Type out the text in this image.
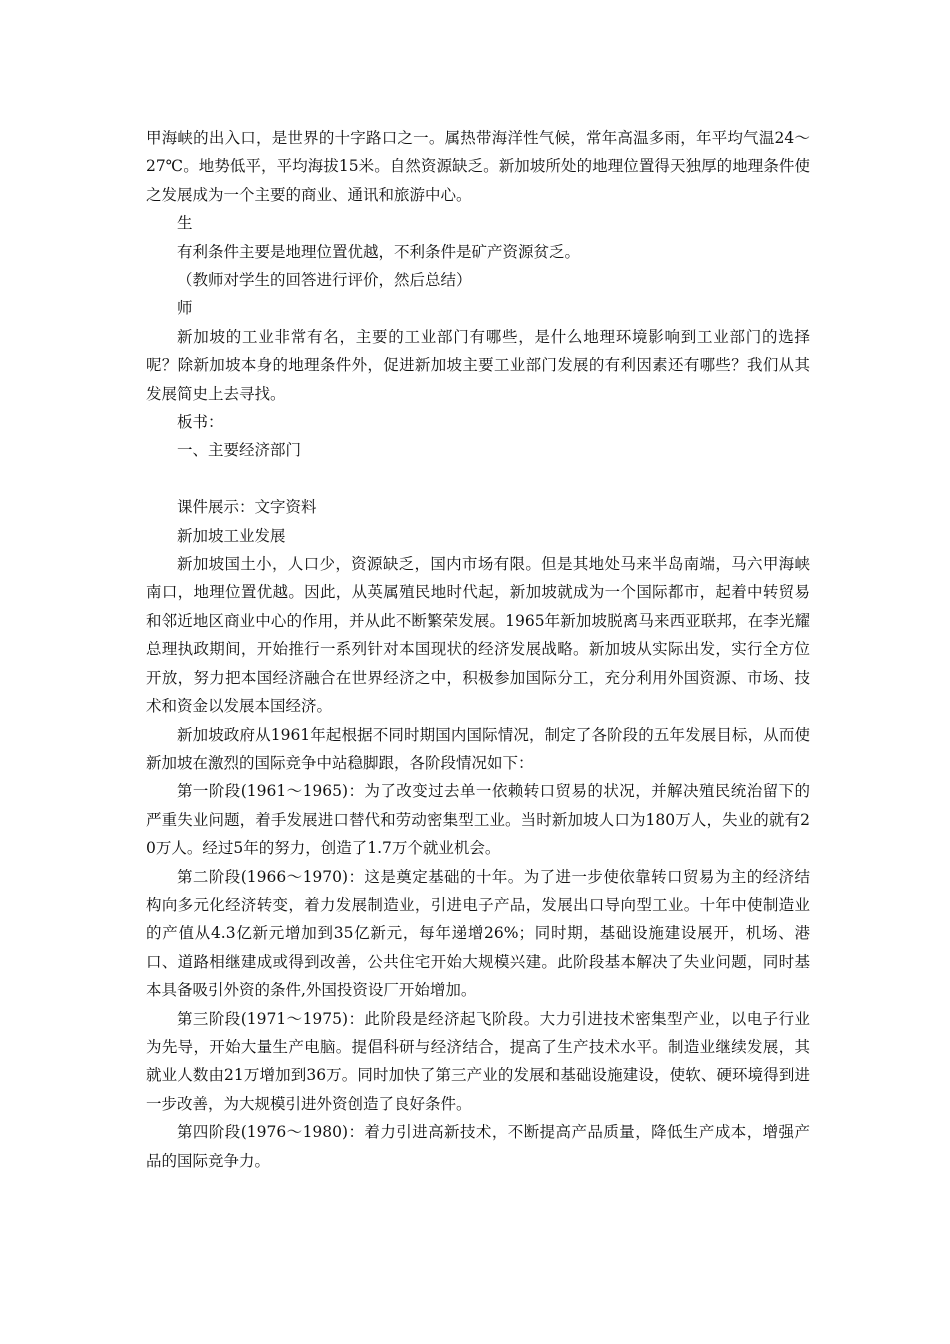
甲海峡的出入口，是世界的十字路口之一。属热带海洋性气候，常年高温多雨，年平均气温24～27℃。地势低平，平均海拔15米。自然资源缺乏。新加坡所处的地理位置得天独厚的地理条件使之发展成为一个主要的商业、通讯和旅游中心。

生

有利条件主要是地理位置优越，不利条件是矿产资源贫乏。

（教师对学生的回答进行评价，然后总结）

师

新加坡的工业非常有名，主要的工业部门有哪些，是什么地理环境影响到工业部门的选择呢？除新加坡本身的地理条件外，促进新加坡主要工业部门发展的有利因素还有哪些？我们从其发展简史上去寻找。

板书：

一、主要经济部门

课件展示：文字资料

新加坡工业发展

新加坡国土小，人口少，资源缺乏，国内市场有限。但是其地处马来半岛南端，马六甲海峡南口，地理位置优越。因此，从英属殖民地时代起，新加坡就成为一个国际都市，起着中转贸易和邻近地区商业中心的作用，并从此不断繁荣发展。1965年新加坡脱离马来西亚联邦，在李光耀总理执政期间，开始推行一系列针对本国现状的经济发展战略。新加坡从实际出发，实行全方位开放，努力把本国经济融合在世界经济之中，积极参加国际分工，充分利用外国资源、市场、技术和资金以发展本国经济。

新加坡政府从1961年起根据不同时期国内国际情况，制定了各阶段的五年发展目标，从而使新加坡在激烈的国际竞争中站稳脚跟，各阶段情况如下：

第一阶段(1961～1965)：为了改变过去单一依赖转口贸易的状况，并解决殖民统治留下的严重失业问题，着手发展进口替代和劳动密集型工业。当时新加坡人口为180万人，失业的就有20万人。经过5年的努力，创造了1.7万个就业机会。

第二阶段(1966～1970)：这是奠定基础的十年。为了进一步使依靠转口贸易为主的经济结构向多元化经济转变，着力发展制造业，引进电子产品，发展出口导向型工业。十年中使制造业的产值从4.3亿新元增加到35亿新元，每年递增26%；同时期，基础设施建设展开，机场、港口、道路相继建成或得到改善，公共住宅开始大规模兴建。此阶段基本解决了失业问题，同时基本具备吸引外资的条件,外国投资设厂开始增加。

第三阶段(1971～1975)：此阶段是经济起飞阶段。大力引进技术密集型产业，以电子行业为先导，开始大量生产电脑。提倡科研与经济结合，提高了生产技术水平。制造业继续发展，其就业人数由21万增加到36万。同时加快了第三产业的发展和基础设施建设，使软、硬环境得到进一步改善，为大规模引进外资创造了良好条件。

第四阶段(1976～1980)：着力引进高新技术，不断提高产品质量，降低生产成本，增强产品的国际竞争力。
